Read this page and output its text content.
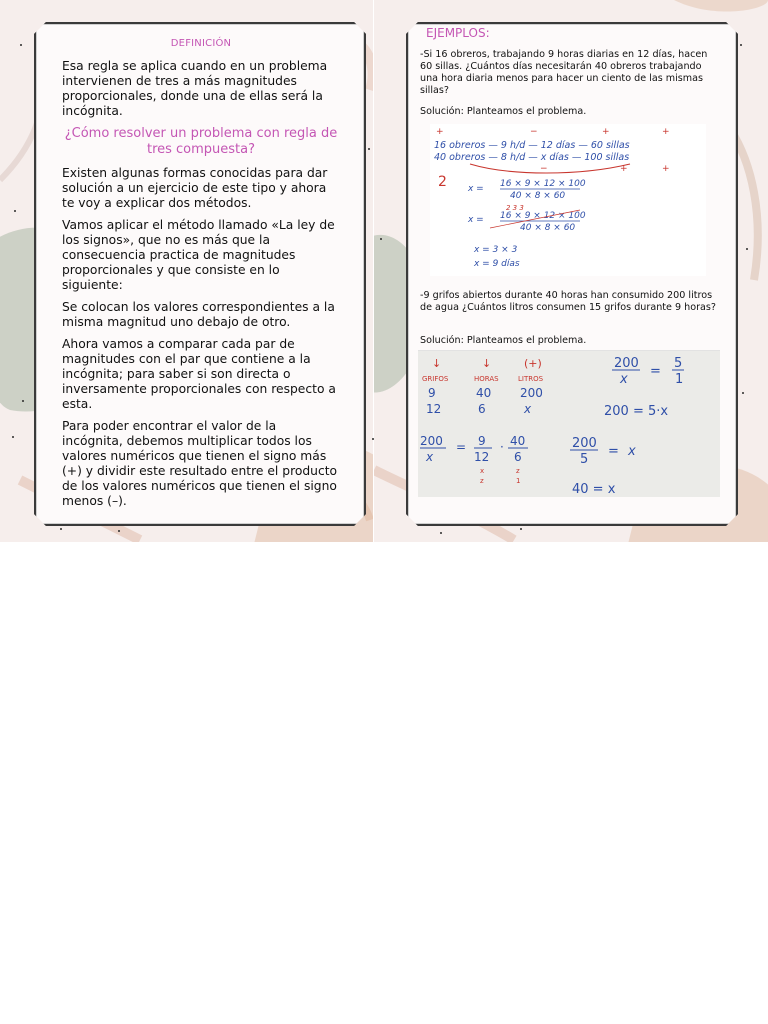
DEFINICIÓN

Esa regla se aplica cuando en un problema intervienen de tres a más magnitudes proporcionales, donde una de ellas será la incógnita.

¿Cómo resolver un problema con regla de tres compuesta?

Existen algunas formas conocidas para dar solución a un ejercicio de este tipo y ahora te voy a explicar dos métodos.

Vamos aplicar el método llamado «La ley de los signos», que no es más que la consecuencia practica de magnitudes proporcionales y que consiste en lo siguiente:

Se colocan los valores correspondientes a la misma magnitud uno debajo de otro.

Ahora vamos a comparar cada par de magnitudes con el par que contiene a la incógnita; para saber si son directa o inversamente proporcionales con respecto a esta.

Para poder encontrar el valor de la incógnita, debemos multiplicar todos los valores numéricos que tienen el signo más (+) y dividir este resultado entre el producto de los valores numéricos que tienen el signo menos (–).

EJEMPLOS:
-Si 16 obreros, trabajando 9 horas diarias en 12 días, hacen 60 sillas. ¿Cuántos días necesitarán 40 obreros trabajando una hora diaria menos para hacer un ciento de las mismas sillas?
Solución: Planteamos el problema.
-9 grifos abiertos durante 40 horas han consumido 200 litros de agua ¿Cuántos litros consumen 15 grifos durante 9 horas?
Solución: Planteamos el problema.
+	−	+	+
16 obreros — 9 h/d — 12 días — 60 sillas
40 obreros — 8 h/d — x días — 100 sillas
−	+	+
2 x = 16 × 9 × 12 × 100
40 × 8 × 60
2 3 3
x = 16 × 9 × 12 × 100
40 × 8 × 60
x = 3 × 3
x = 9 días
↓	↓	(+)
GRIFOS	HORAS	LITROS
9	40 200
12	6	x
200
x
= 9
12
· 40
6
x
z
z
1
200
x
=
5
1
200 = 5·x
200
5
= x
40 = x
